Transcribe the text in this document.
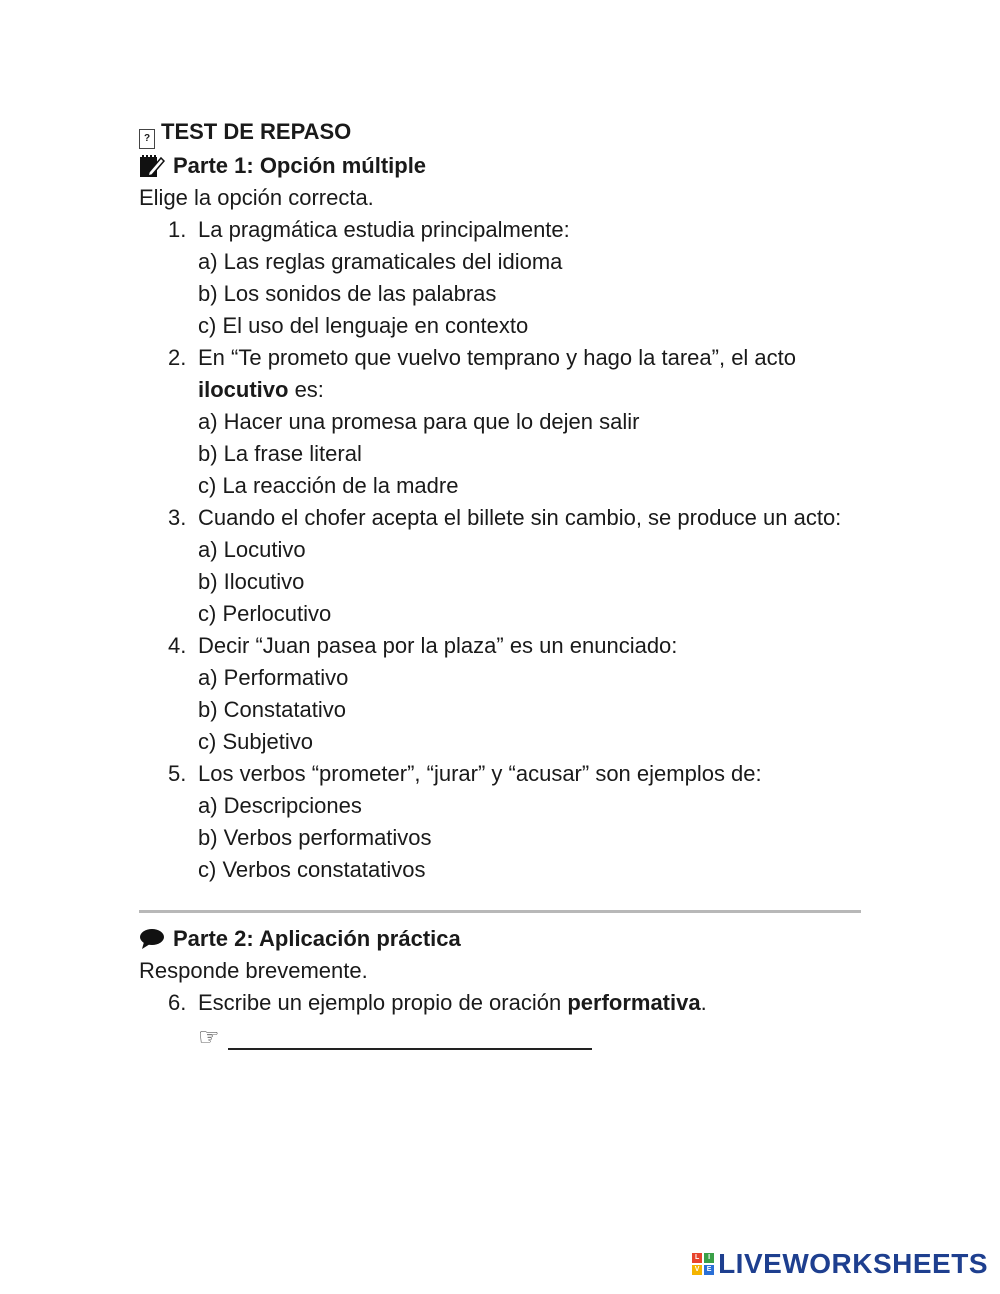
? TEST DE REPASO
Parte 1: Opción múltiple
Elige la opción correcta.
1. La pragmática estudia principalmente:
a) Las reglas gramaticales del idioma
b) Los sonidos de las palabras
c) El uso del lenguaje en contexto
2. En “Te prometo que vuelvo temprano y hago la tarea”, el acto ilocutivo es:
a) Hacer una promesa para que lo dejen salir
b) La frase literal
c) La reacción de la madre
3. Cuando el chofer acepta el billete sin cambio, se produce un acto:
a) Locutivo
b) Ilocutivo
c) Perlocutivo
4. Decir “Juan pasea por la plaza” es un enunciado:
a) Performativo
b) Constatativo
c) Subjetivo
5. Los verbos “prometer”, “jurar” y “acusar” son ejemplos de:
a) Descripciones
b) Verbos performativos
c) Verbos constatativos
Parte 2: Aplicación práctica
Responde brevemente.
6. Escribe un ejemplo propio de oración performativa.
☞
L	I
V	E LIVEWORKSHEETS
